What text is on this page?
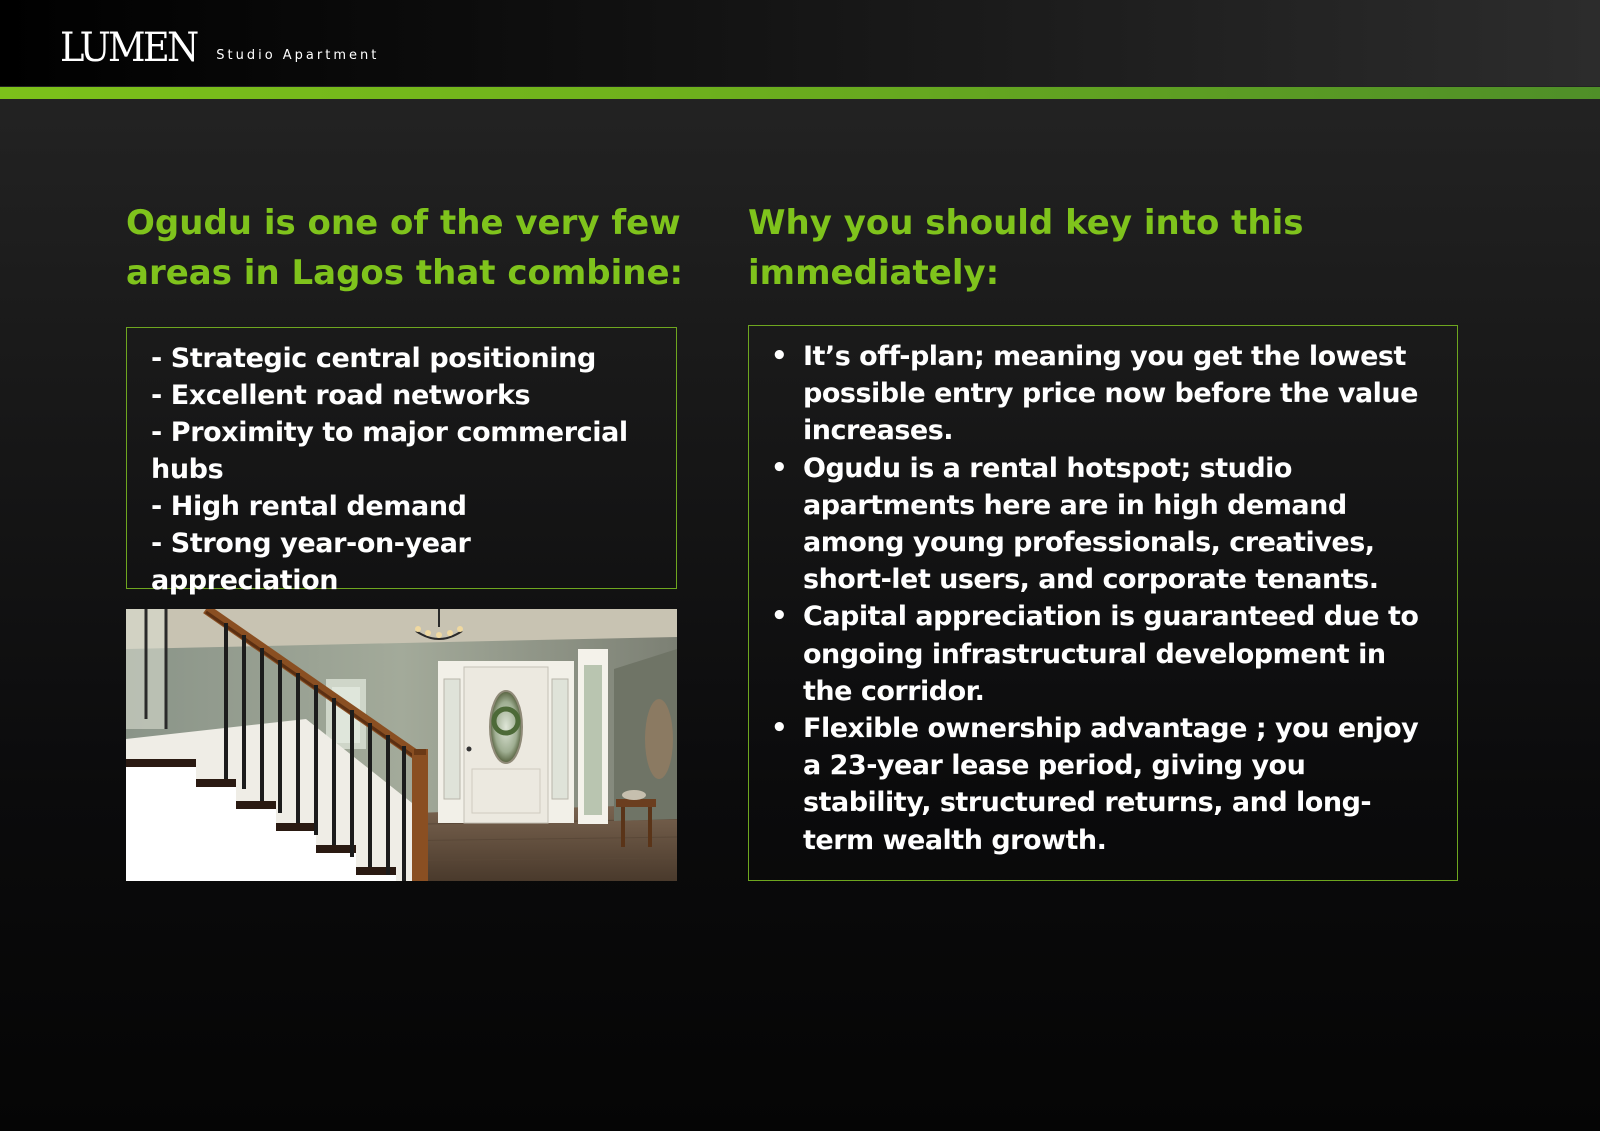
LUMEN Studio Apartment
Ogudu is one of the very few areas in Lagos that combine:
Why you should key into this immediately:
- Strategic central positioning
- Excellent road networks
- Proximity to major commercial hubs
- High rental demand
- Strong year-on-year appreciation
• It’s off-plan; meaning you get the lowest possible entry price now before the value increases.
• Ogudu is a rental hotspot; studio apartments here are in high demand among young professionals, creatives, short-let users, and corporate tenants.
• Capital appreciation is guaranteed due to ongoing infrastructural development in the corridor.
• Flexible ownership advantage ; you enjoy a 23-year lease period, giving you stability, structured returns, and long-term wealth growth.
